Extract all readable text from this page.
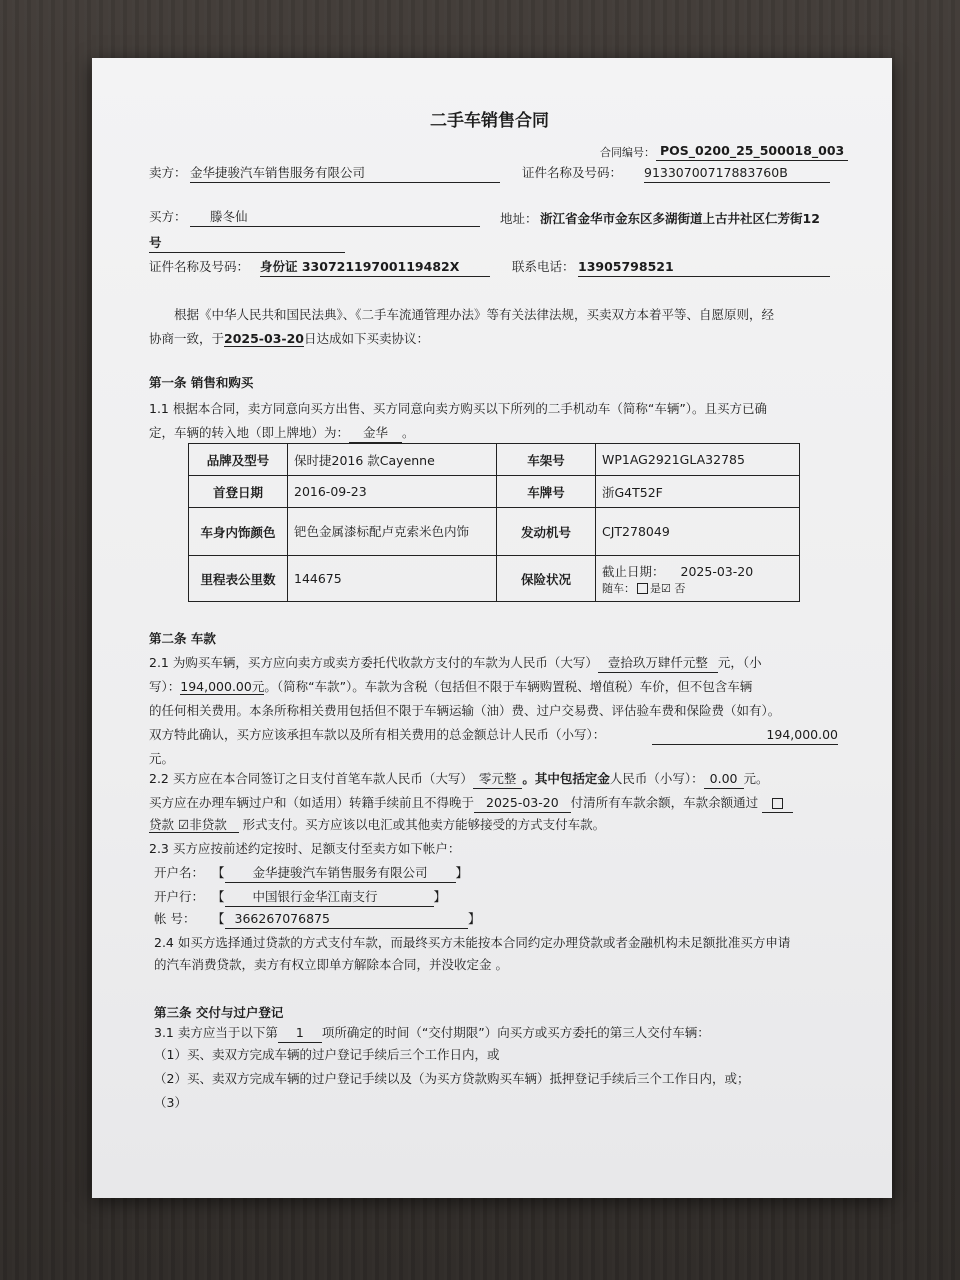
二手车销售合同
合同编号： POS_0200_25_500018_003
卖方： 金华捷骏汽车销售服务有限公司	证件名称及号码： 91330700717883760B
买方：	滕冬仙	地址： 浙江省金华市金东区多湖街道上古井社区仁芳街12
号
证件名称及号码： 身份证 33072119700119482X	联系电话： 13905798521
根据《中华人民共和国民法典》、《二手车流通管理办法》等有关法律法规，买卖双方本着平等、自愿原则，经
协商一致，于2025-03-20日达成如下买卖协议：
第一条 销售和购买
1.1 根据本合同，卖方同意向买方出售、买方同意向卖方购买以下所列的二手机动车（简称“车辆”）。且买方已确
定，车辆的转入地（即上牌地）为： 金华 。
品牌及型号	保时捷2016 款Cayenne	车架号	WP1AG2921GLA32785
首登日期	2016-09-23	车牌号	浙G4T52F
车身内饰颜色	钯色金属漆标配卢克索米色内饰	发动机号	CJT278049
里程表公里数	144675	保险状况	截止日期： 2025-03-20
随车： 是☑ 否
第二条 车款
2.1 为购买车辆，买方应向卖方或卖方委托代收款方支付的车款为人民币（大写） 壹拾玖万肆仟元整 元，（小
写）：194,000.00元。（简称“车款”）。车款为含税（包括但不限于车辆购置税、增值税）车价，但不包含车辆
的任何相关费用。本条所称相关费用包括但不限于车辆运输（油）费、过户交易费、评估验车费和保险费（如有）。
双方特此确认，买方应该承担车款以及所有相关费用的总金额总计人民币（小写）：	194,000.00
元。
2.2 买方应在本合同签订之日支付首笔车款人民币（大写） 零元整 。其中包括定金人民币（小写）： 0.00 元。
买方应在办理车辆过户和（如适用）转籍手续前且不得晚于 2025-03-20 付清所有车款余额，车款余额通过
贷款 ☑非贷款 形式支付。买方应该以电汇或其他卖方能够接受的方式支付车款。
2.3 买方应按前述约定按时、足额支付至卖方如下帐户：
开户名： 【 金华捷骏汽车销售服务有限公司 】
开户行： 【 中国银行金华江南支行	】
帐 号： 【 366267076875	】
2.4 如买方选择通过贷款的方式支付车款，而最终买方未能按本合同约定办理贷款或者金融机构未足额批准买方申请
的汽车消费贷款，卖方有权立即单方解除本合同，并没收定金 。
第三条 交付与过户登记
3.1 卖方应当于以下第 1 项所确定的时间（“交付期限”）向买方或买方委托的第三人交付车辆：
（1）买、卖双方完成车辆的过户登记手续后三个工作日内，或
（2）买、卖双方完成车辆的过户登记手续以及（为买方贷款购买车辆）抵押登记手续后三个工作日内，或；
（3）
